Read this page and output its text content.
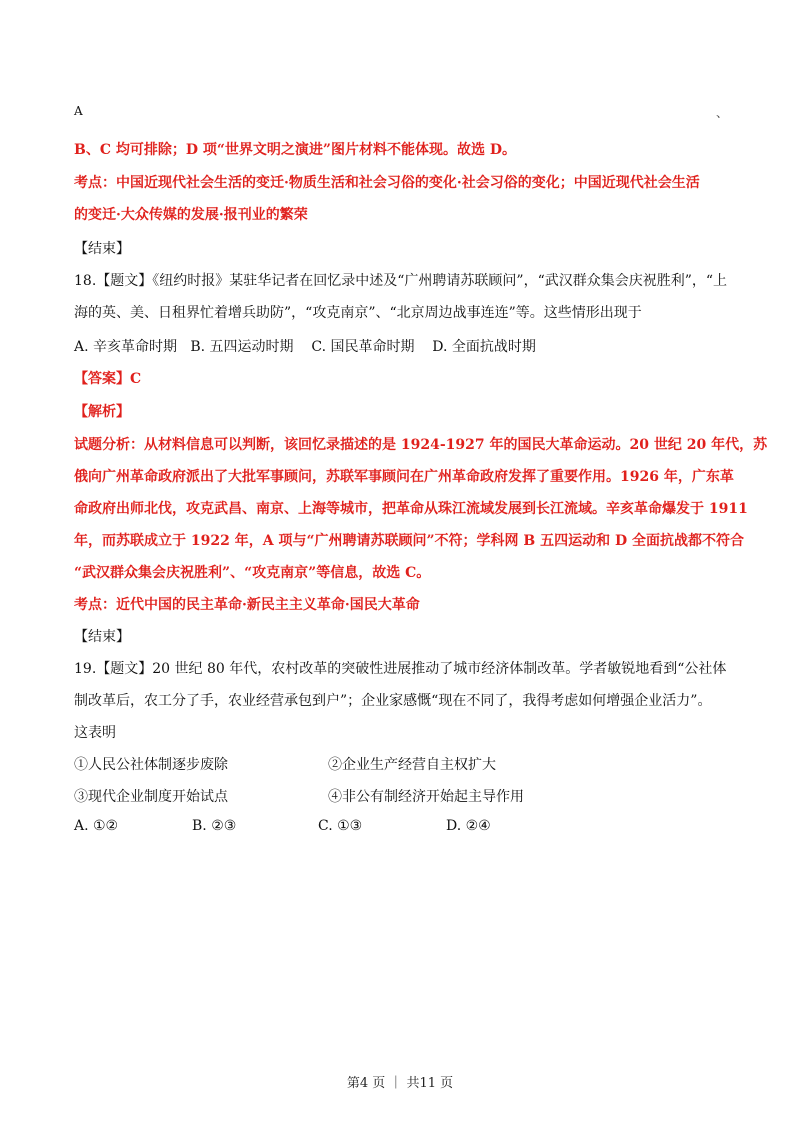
A	、
B、C 均可排除；D 项“世界文明之演进”图片材料不能体现。故选 D。
考点：中国近现代社会生活的变迁·物质生活和社会习俗的变化·社会习俗的变化；中国近现代社会生活
的变迁·大众传媒的发展·报刊业的繁荣
【结束】
18.【题文】《纽约时报》某驻华记者在回忆录中述及“广州聘请苏联顾问”，“武汉群众集会庆祝胜利”，“上
海的英、美、日租界忙着增兵助防”，“攻克南京”、“北京周边战事连连”等。这些情形出现于
A. 辛亥革命时期   B. 五四运动时期    C. 国民革命时期    D. 全面抗战时期
【答案】C
【解析】
试题分析：从材料信息可以判断，该回忆录描述的是 1924-1927 年的国民大革命运动。20 世纪 20 年代，苏
俄向广州革命政府派出了大批军事顾问，苏联军事顾问在广州革命政府发挥了重要作用。1926 年，广东革
命政府出师北伐，攻克武昌、南京、上海等城市，把革命从珠江流域发展到长江流域。辛亥革命爆发于 1911
年，而苏联成立于 1922 年，A 项与“广州聘请苏联顾问”不符；学科网 B 五四运动和 D 全面抗战都不符合
“武汉群众集会庆祝胜利”、“攻克南京”等信息，故选 C。
考点：近代中国的民主革命·新民主主义革命·国民大革命
【结束】
19.【题文】20 世纪 80 年代，农村改革的突破性进展推动了城市经济体制改革。学者敏锐地看到“公社体
制改革后，农工分了手，农业经营承包到户”；企业家感慨“现在不同了，我得考虑如何增强企业活力”。
这表明
①人民公社体制逐步废除	②企业生产经营自主权扩大
③现代企业制度开始试点	④非公有制经济开始起主导作用
A. ①②	B. ②③	C. ①③	D. ②④
第4 页 ｜ 共11 页
